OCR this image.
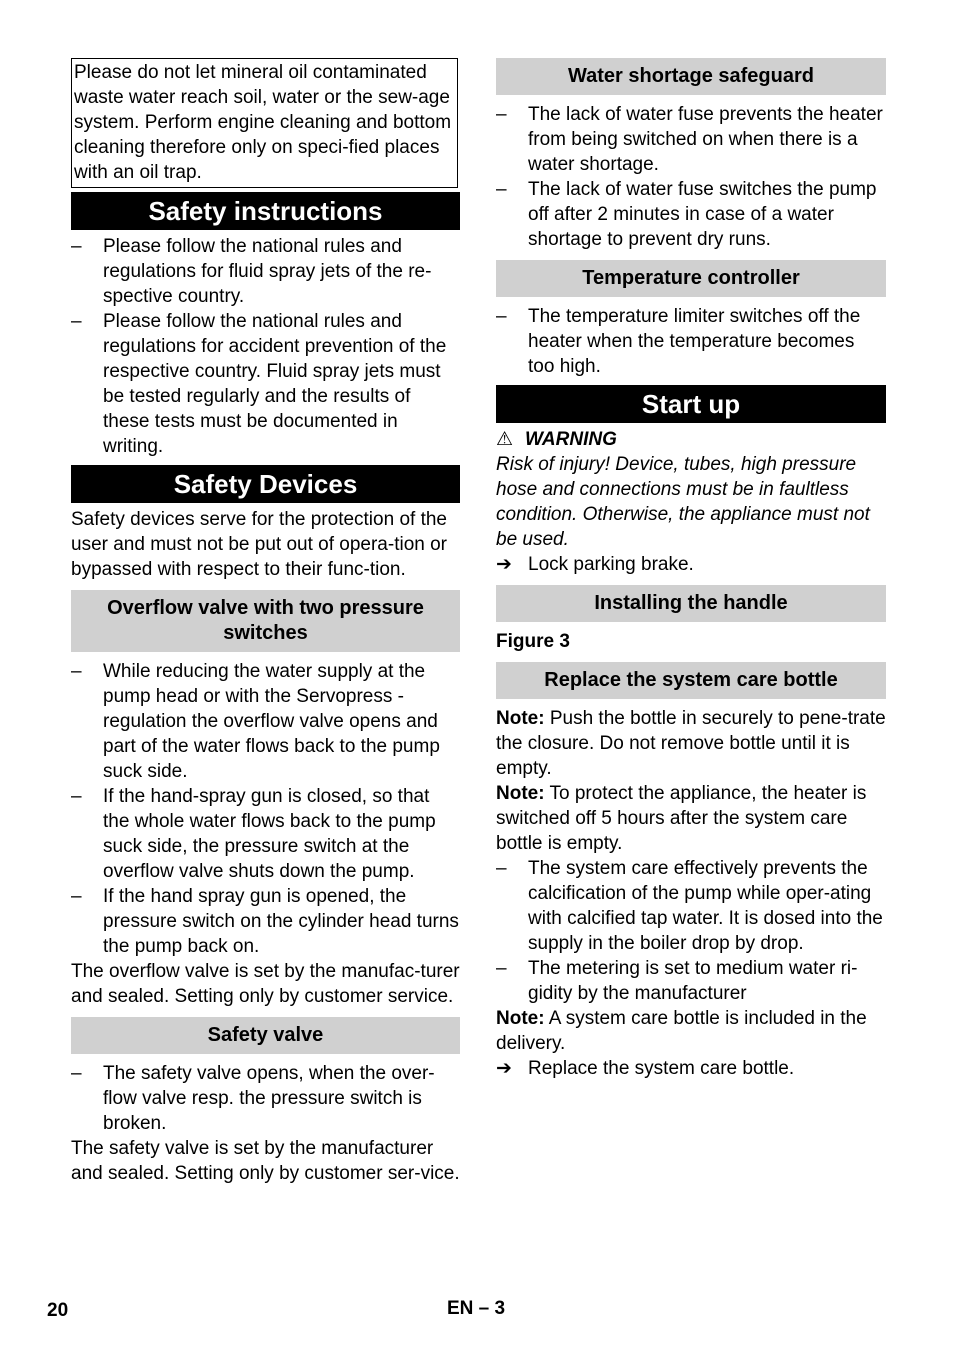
Please do not let mineral oil contaminated waste water reach soil, water or the sew-age system. Perform engine cleaning and bottom cleaning therefore only on speci-fied places with an oil trap.
Safety instructions
– Please follow the national rules and regulations for fluid spray jets of the re-spective country.
– Please follow the national rules and regulations for accident prevention of the respective country. Fluid spray jets must be tested regularly and the results of these tests must be documented in writing.
Safety Devices

Safety devices serve for the protection of the user and must not be put out of opera-tion or bypassed with respect to their func-tion.

Overflow valve with two pressure switches
– While reducing the water supply at the pump head or with the Servopress - regulation the overflow valve opens and part of the water flows back to the pump suck side.
– If the hand-spray gun is closed, so that the whole water flows back to the pump suck side, the pressure switch at the overflow valve shuts down the pump.
– If the hand spray gun is opened, the pressure switch on the cylinder head turns the pump back on.

The overflow valve is set by the manufac-turer and sealed. Setting only by customer service.

Safety valve
– The safety valve opens, when the over-flow valve resp. the pressure switch is broken.

The safety valve is set by the manufacturer and sealed. Setting only by customer ser-vice.

Water shortage safeguard
– The lack of water fuse prevents the heater from being switched on when there is a water shortage.
– The lack of water fuse switches the pump off after 2 minutes in case of a water shortage to prevent dry runs.
Temperature controller
– The temperature limiter switches off the heater when the temperature becomes too high.
Start up
⚠ WARNING

Risk of injury! Device, tubes, high pressure hose and connections must be in faultless condition. Otherwise, the appliance must not be used.

➔ Lock parking brake.
Installing the handle

Figure 3

Replace the system care bottle

Note: Push the bottle in securely to pene-trate the closure. Do not remove bottle until it is empty.

Note: To protect the appliance, the heater is switched off 5 hours after the system care bottle is empty.

– The system care effectively prevents the calcification of the pump while oper-ating with calcified tap water. It is dosed into the supply in the boiler drop by drop.
– The metering is set to medium water ri-gidity by the manufacturer

Note: A system care bottle is included in the delivery.

➔ Replace the system care bottle.
20	EN – 3
